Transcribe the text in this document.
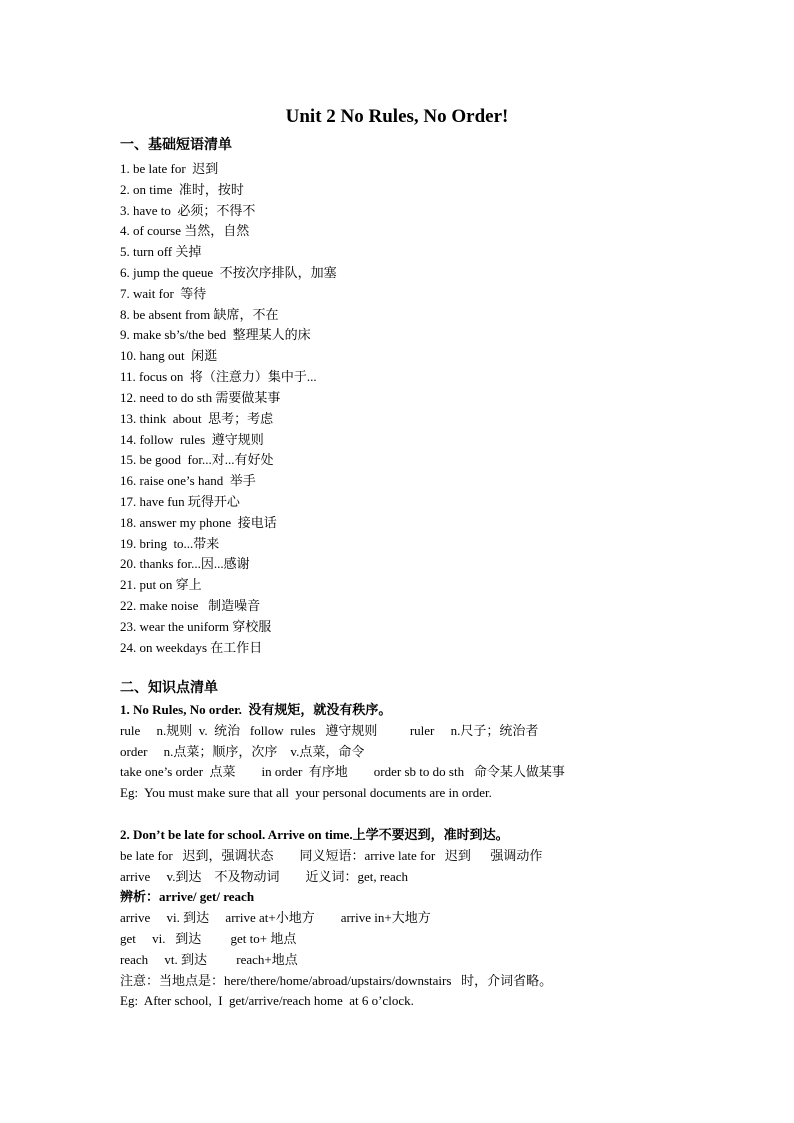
Unit 2 No Rules, No Order!
一、基础短语清单
1. be late for  迟到
2. on time  准时，按时
3. have to  必须；不得不
4. of course 当然，自然
5. turn off 关掉
6. jump the queue  不按次序排队，加塞
7. wait for  等待
8. be absent from 缺席，不在
9. make sb’s/the bed  整理某人的床
10. hang out  闲逛
11. focus on  将（注意力）集中于...
12. need to do sth 需要做某事
13. think  about  思考；考虑
14. follow  rules  遵守规则
15. be good  for...对...有好处
16. raise one’s hand  举手
17. have fun 玩得开心
18. answer my phone  接电话
19. bring  to...带来
20. thanks for...因...感谢
21. put on 穿上
22. make noise   制造噪音
23. wear the uniform 穿校服
24. on weekdays 在工作日
二、知识点清单
1. No Rules, No order.  没有规矩，就没有秩序。
rule     n.规则  v.  统治   follow  rules   遵守规则          ruler     n.尺子；统治者
order     n.点菜；顺序，次序    v.点菜，命令
take one’s order  点菜        in order  有序地        order sb to do sth   命令某人做某事
Eg:  You must make sure that all  your personal documents are in order.
2. Don’t be late for school. Arrive on time.上学不要迟到，准时到达。
be late for   迟到，强调状态        同义短语：arrive late for   迟到      强调动作
arrive     v.到达    不及物动词        近义词：get, reach
辨析：arrive/ get/ reach
arrive     vi. 到达     arrive at+小地方        arrive in+大地方
get     vi.   到达         get to+ 地点
reach     vt. 到达         reach+地点
注意：当地点是：here/there/home/abroad/upstairs/downstairs   时，介词省略。
Eg:  After school,  I  get/arrive/reach home  at 6 o’clock.
